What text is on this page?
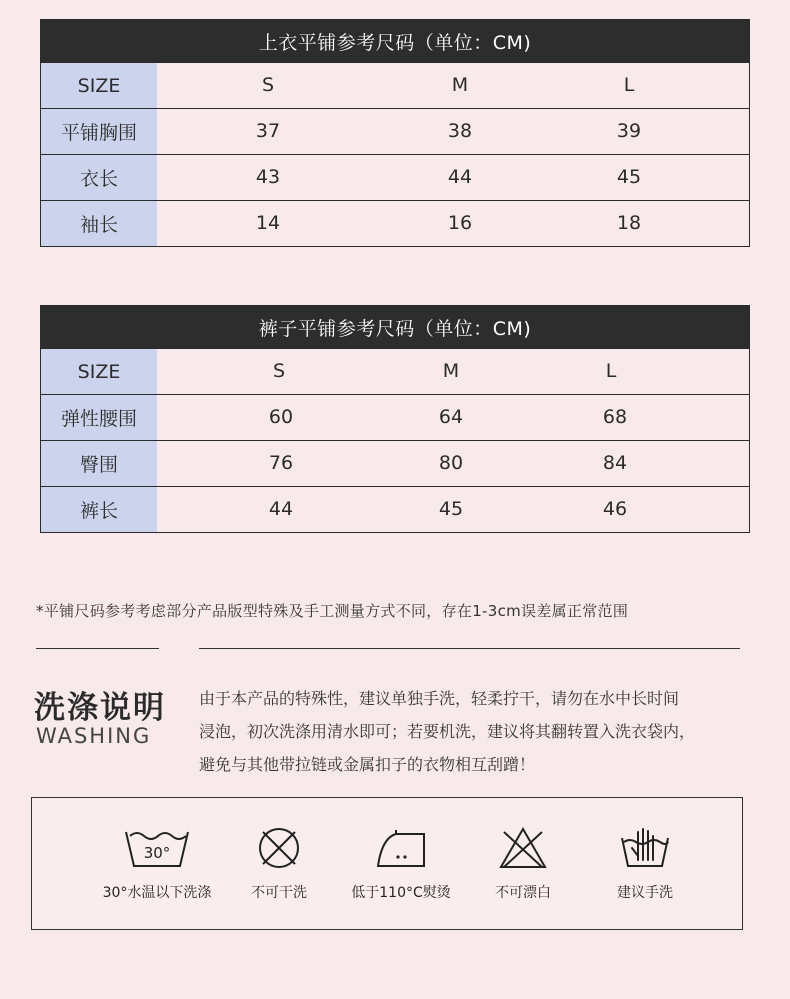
上衣平铺参考尺码（单位：CM)
SIZE	S	M	L
平铺胸围	37	38	39
衣长	43	44	45
袖长	14	16	18
裤子平铺参考尺码（单位：CM)
SIZE	S	M	L
弹性腰围	60	64	68
臀围	76	80	84
裤长	44	45	46
*平铺尺码参考考虑部分产品版型特殊及手工测量方式不同，存在1-3cm误差属正常范围
洗涤说明
WASHING
由于本产品的特殊性，建议单独手洗，轻柔拧干，请勿在水中长时间
浸泡，初次洗涤用清水即可；若要机洗，建议将其翻转置入洗衣袋内，
避免与其他带拉链或金属扣子的衣物相互刮蹭！
30°
30°水温以下洗涤	不可干洗	低于110°C熨烫	不可漂白	建议手洗
